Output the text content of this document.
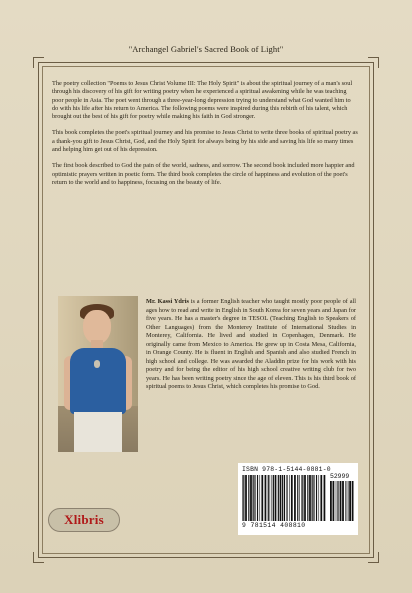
"Archangel Gabriel's Sacred Book of Light"

The poetry collection "Poems to Jesus Christ Volume III: The Holy Spirit" is about the spiritual journey of a man's soul through his discovery of his gift for writing poetry when he experienced a spiritual awakening while he was teaching poor people in Asia. The poet went through a three-year-long depression trying to understand what God wanted him to do with his life after his return to America. The following poems were inspired during this rebirth of his talent, which brought out the best of his gift for poetry while making his faith in God stronger.

This book completes the poet's spiritual journey and his promise to Jesus Christ to write three books of spiritual poetry as a thank-you gift to Jesus Christ, God, and the Holy Spirit for always being by his side and saving his life so many times and helping him get out of his depression.

The first book described to God the pain of the world, sadness, and sorrow. The second book included more happier and optimistic prayers written in poetic form. The third book completes the circle of happiness and evolution of the poet's return to the world and to happiness, focusing on the beauty of life.

Mr. Kassi Ydris is a former English teacher who taught mostly poor people of all ages how to read and write in English in South Korea for seven years and Japan for five years. He has a master's degree in TESOL (Teaching English to Speakers of Other Languages) from the Monterey Institute of International Studies in Monterey, California. He lived and studied in Copenhagen, Denmark. He originally came from Mexico to America. He grew up in Costa Mesa, California, in Orange County. He is fluent in English and Spanish and also studied French in high school and college. He was awarded the Aladdin prize for his work with his poetry and for being the editor of his high school creative writing club for two years. He has been writing poetry since the age of eleven. This is his third book of spiritual poems to Jesus Christ, which completes his promise to God.
ISBN 978-1-5144-0881-0
52999
9 781514 408810
Xlibris
